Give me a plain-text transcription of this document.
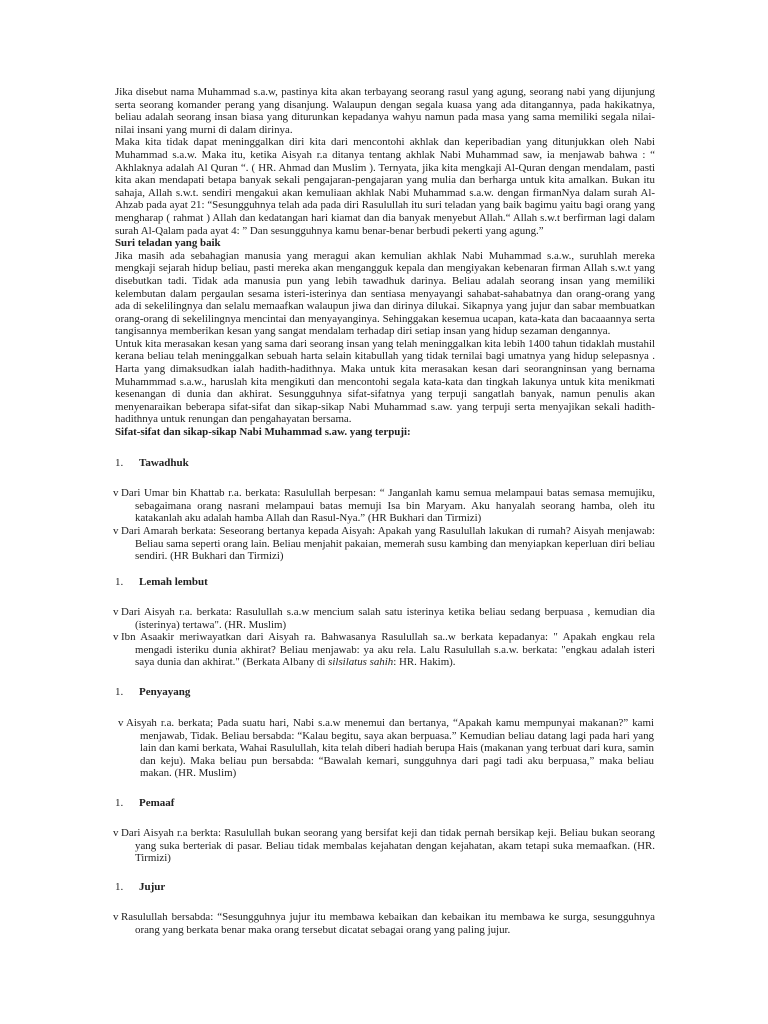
Jika disebut nama Muhammad s.a.w, pastinya kita akan terbayang seorang rasul yang agung, seorang nabi yang dijunjung serta seorang komander perang yang disanjung. Walaupun dengan segala kuasa yang ada ditangannya, pada hakikatnya, beliau adalah seorang insan biasa yang diturunkan kepadanya wahyu namun pada masa yang sama memiliki segala nilai-nilai insani yang murni di dalam dirinya.

Maka kita tidak dapat meninggalkan diri kita dari mencontohi akhlak dan keperibadian yang ditunjukkan oleh Nabi Muhammad s.a.w. Maka itu, ketika Aisyah r.a ditanya tentang akhlak Nabi Muhammad saw, ia menjawab bahwa : “ Akhlaknya adalah Al Quran “. ( HR. Ahmad dan Muslim ). Ternyata, jika kita mengkaji Al-Quran dengan mendalam, pasti kita akan mendapati betapa banyak sekali pengajaran-pengajaran yang mulia dan berharga untuk kita amalkan. Bukan itu sahaja, Allah s.w.t. sendiri mengakui akan kemuliaan akhlak Nabi Muhammad s.a.w. dengan firmanNya dalam surah Al-Ahzab pada ayat 21: “Sesungguhnya telah ada pada diri Rasulullah itu suri teladan yang baik bagimu yaitu bagi orang yang mengharap ( rahmat ) Allah dan kedatangan hari kiamat dan dia banyak menyebut Allah.“ Allah s.w.t berfirman lagi dalam surah Al-Qalam pada ayat 4: ” Dan sesungguhnya kamu benar-benar berbudi pekerti yang agung.”

Suri teladan yang baik

Jika masih ada sebahagian manusia yang meragui akan kemulian akhlak Nabi Muhammad s.a.w., suruhlah mereka mengkaji sejarah hidup beliau, pasti mereka akan mengangguk kepala dan mengiyakan kebenaran firman Allah s.w.t yang disebutkan tadi. Tidak ada manusia pun yang lebih tawadhuk darinya. Beliau adalah seorang insan yang memiliki kelembutan dalam pergaulan sesama isteri-isterinya dan sentiasa menyayangi sahabat-sahabatnya dan orang-orang yang ada di sekelilingnya dan selalu memaafkan walaupun jiwa dan dirinya dilukai. Sikapnya yang jujur dan sabar membuatkan orang-orang di sekelilingnya mencintai dan menyayanginya. Sehinggakan kesemua ucapan, kata-kata dan bacaaannya serta tangisannya memberikan kesan yang sangat mendalam terhadap diri setiap insan yang hidup sezaman dengannya.

Untuk kita merasakan kesan yang sama dari seorang insan yang telah meninggalkan kita lebih 1400 tahun tidaklah mustahil kerana beliau telah meninggalkan sebuah harta selain kitabullah yang tidak ternilai bagi umatnya yang hidup selepasnya . Harta yang dimaksudkan ialah hadith-hadithnya. Maka untuk kita merasakan kesan dari seorangninsan yang bernama Muhammmad s.a.w., haruslah kita mengikuti dan mencontohi segala kata-kata dan tingkah lakunya untuk kita menikmati kesenangan di dunia dan akhirat. Sesungguhnya sifat-sifatnya yang terpuji sangatlah banyak, namun penulis akan menyenaraikan beberapa sifat-sifat dan sikap-sikap Nabi Muhammad s.aw. yang terpuji serta menyajikan sekali hadith-hadithnya untuk renungan dan pengahayatan bersama.

Sifat-sifat dan sikap-sikap Nabi Muhammad s.aw. yang terpuji:

1. Tawadhuk
v Dari Umar bin Khattab r.a. berkata: Rasulullah berpesan: “ Janganlah kamu semua melampaui batas semasa memujiku, sebagaimana orang nasrani melampaui batas memuji Isa bin Maryam. Aku hanyalah seorang hamba, oleh itu katakanlah aku adalah hamba Allah dan Rasul-Nya.” (HR Bukhari dan Tirmizi)
v Dari Amarah berkata: Seseorang bertanya kepada Aisyah: Apakah yang Rasulullah lakukan di rumah? Aisyah menjawab: Beliau sama seperti orang lain. Beliau menjahit pakaian, memerah susu kambing dan menyiapkan keperluan diri beliau sendiri. (HR Bukhari dan Tirmizi)
1. Lemah lembut
v Dari Aisyah r.a. berkata: Rasulullah s.a.w mencium salah satu isterinya ketika beliau sedang berpuasa , kemudian dia (isterinya) tertawa". (HR. Muslim)
v Ibn Asaakir meriwayatkan dari Aisyah ra. Bahwasanya Rasulullah sa..w berkata kepadanya: " Apakah engkau rela mengadi isteriku dunia akhirat? Beliau menjawab: ya aku rela. Lalu Rasulullah s.a.w. berkata: "engkau adalah isteri saya dunia dan akhirat." (Berkata Albany di silsilatus sahih: HR. Hakim).
1. Penyayang
v Aisyah r.a. berkata; Pada suatu hari, Nabi s.a.w menemui dan bertanya, “Apakah kamu mempunyai makanan?” kami menjawab, Tidak. Beliau bersabda: “Kalau begitu, saya akan berpuasa.” Kemudian beliau datang lagi pada hari yang lain dan kami berkata, Wahai Rasulullah, kita telah diberi hadiah berupa Hais (makanan yang terbuat dari kura, samin dan keju). Maka beliau pun bersabda: “Bawalah kemari, sungguhnya dari pagi tadi aku berpuasa,” maka beliau makan. (HR. Muslim)
1. Pemaaf
v Dari Aisyah r.a berkta: Rasulullah bukan seorang yang bersifat keji dan tidak pernah bersikap keji. Beliau bukan seorang yang suka berteriak di pasar. Beliau tidak membalas kejahatan dengan kejahatan, akam tetapi suka memaafkan. (HR. Tirmizi)
1. Jujur
v Rasulullah bersabda: “Sesungguhnya jujur itu membawa kebaikan dan kebaikan itu membawa ke surga, sesungguhnya orang yang berkata benar maka orang tersebut dicatat sebagai orang yang paling jujur.
